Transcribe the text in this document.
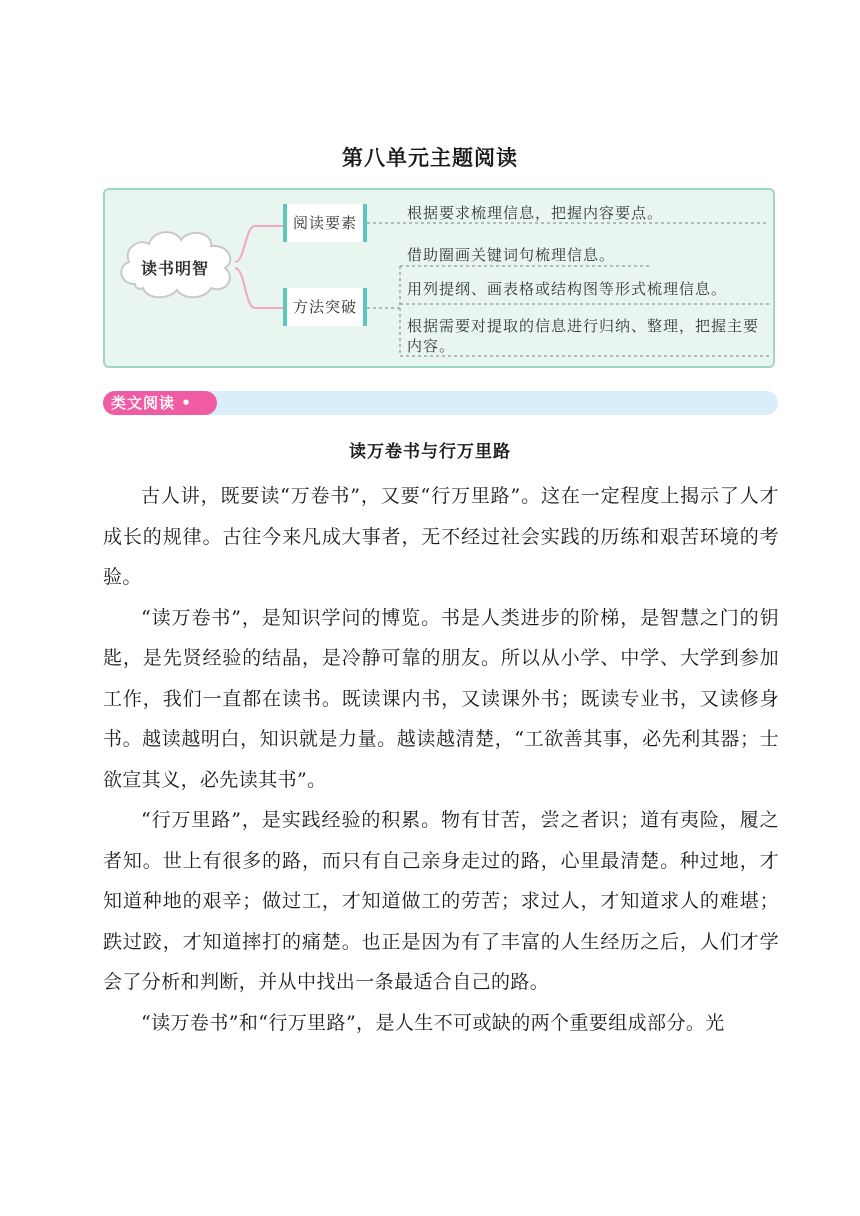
第八单元主题阅读
读书明智
阅读要素
方法突破
根据要求梳理信息，把握内容要点。
借助圈画关键词句梳理信息。
用列提纲、画表格或结构图等形式梳理信息。
根据需要对提取的信息进行归纳、整理，把握主要内容。
类文阅读 •
读万卷书与行万里路

古人讲，既要读“万卷书”，又要“行万里路”。这在一定程度上揭示了人才成长的规律。古往今来凡成大事者，无不经过社会实践的历练和艰苦环境的考验。

“读万卷书”，是知识学问的博览。书是人类进步的阶梯，是智慧之门的钥匙，是先贤经验的结晶，是冷静可靠的朋友。所以从小学、中学、大学到参加工作，我们一直都在读书。既读课内书，又读课外书；既读专业书，又读修身书。越读越明白，知识就是力量。越读越清楚，“工欲善其事，必先利其器；士欲宣其义，必先读其书”。

“行万里路”，是实践经验的积累。物有甘苦，尝之者识；道有夷险，履之者知。世上有很多的路，而只有自己亲身走过的路，心里最清楚。种过地，才知道种地的艰辛；做过工，才知道做工的劳苦；求过人，才知道求人的难堪；跌过跤，才知道摔打的痛楚。也正是因为有了丰富的人生经历之后，人们才学会了分析和判断，并从中找出一条最适合自己的路。

“读万卷书”和“行万里路”，是人生不可或缺的两个重要组成部分。光
